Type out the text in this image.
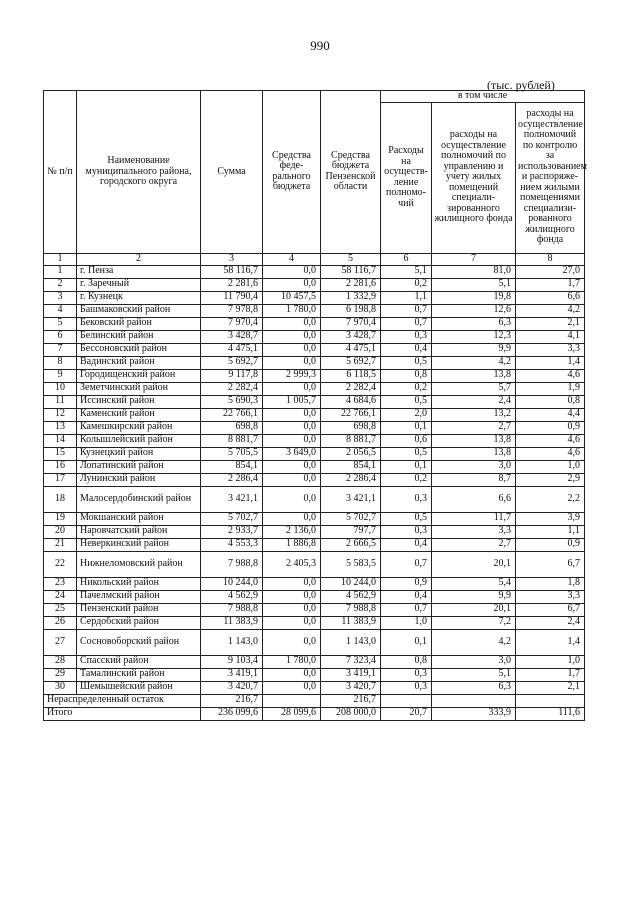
990
(тыс. рублей)
№ п/п	Наименование муниципального района, городского округа	Сумма	Средства феде-рального бюджета	Средства бюджета Пензенской области	в том числе		
					Расходы на осуществ-ление полномо-чий	расходы на осуществление полномочий по управлению и учету жилых помещений специали-зированного жилищного фонда	расходы на осуществление полномочий по контролю за использованием и распоряже-нием жилыми помещениями специализи-рованного жилищного фонда
1	2	3	4	5	6	7	8
1	г. Пенза	58 116,7	0,0	58 116,7	5,1	81,0	27,0
2	г. Заречный	2 281,6	0,0	2 281,6	0,2	5,1	1,7
3	г. Кузнецк	11 790,4	10 457,5	1 332,9	1,1	19,8	6,6
4	Башмаковский район	7 978,8	1 780,0	6 198,8	0,7	12,6	4,2
5	Бековский район	7 970,4	0,0	7 970,4	0,7	6,3	2,1
6	Белинский район	3 428,7	0,0	3 428,7	0,3	12,3	4,1
7	Бессоновский район	4 475,1	0,0	4 475,1	0,4	9,9	3,3
8	Вадинский район	5 692,7	0,0	5 692,7	0,5	4,2	1,4
9	Городищенский район	9 117,8	2 999,3	6 118,5	0,8	13,8	4,6
10	Земетчинский район	2 282,4	0,0	2 282,4	0,2	5,7	1,9
11	Иссинский район	5 690,3	1 005,7	4 684,6	0,5	2,4	0,8
12	Каменский район	22 766,1	0,0	22 766,1	2,0	13,2	4,4
13	Камешкирский район	698,8	0,0	698,8	0,1	2,7	0,9
14	Колышлейский район	8 881,7	0,0	8 881,7	0,6	13,8	4,6
15	Кузнецкий район	5 705,5	3 649,0	2 056,5	0,5	13,8	4,6
16	Лопатинский район	854,1	0,0	854,1	0,1	3,0	1,0
17	Лунинский район	2 286,4	0,0	2 286,4	0,2	8,7	2,9
18	Малосердобинский район	3 421,1	0,0	3 421,1	0,3	6,6	2,2
19	Мокшанский район	5 702,7	0,0	5 702,7	0,5	11,7	3,9
20	Наровчатский район	2 933,7	2 136,0	797,7	0,3	3,3	1,1
21	Неверкинский район	4 553,3	1 886,8	2 666,5	0,4	2,7	0,9
22	Нижнеломовский район	7 988,8	2 405,3	5 583,5	0,7	20,1	6,7
23	Никольский район	10 244,0	0,0	10 244,0	0,9	5,4	1,8
24	Пачелмский район	4 562,9	0,0	4 562,9	0,4	9,9	3,3
25	Пензенский район	7 988,8	0,0	7 988,8	0,7	20,1	6,7
26	Сердобский район	11 383,9	0,0	11 383,9	1,0	7,2	2,4
27	Сосновоборский район	1 143,0	0,0	1 143,0	0,1	4,2	1,4
28	Спасский район	9 103,4	1 780,0	7 323,4	0,8	3,0	1,0
29	Тамалинский район	3 419,1	0,0	3 419,1	0,3	5,1	1,7
30	Шемышейский район	3 420,7	0,0	3 420,7	0,3	6,3	2,1
Нераспределенный остаток		216,7		216,7			
Итого		236 099,6	28 099,6	208 000,0	20,7	333,9	111,6
